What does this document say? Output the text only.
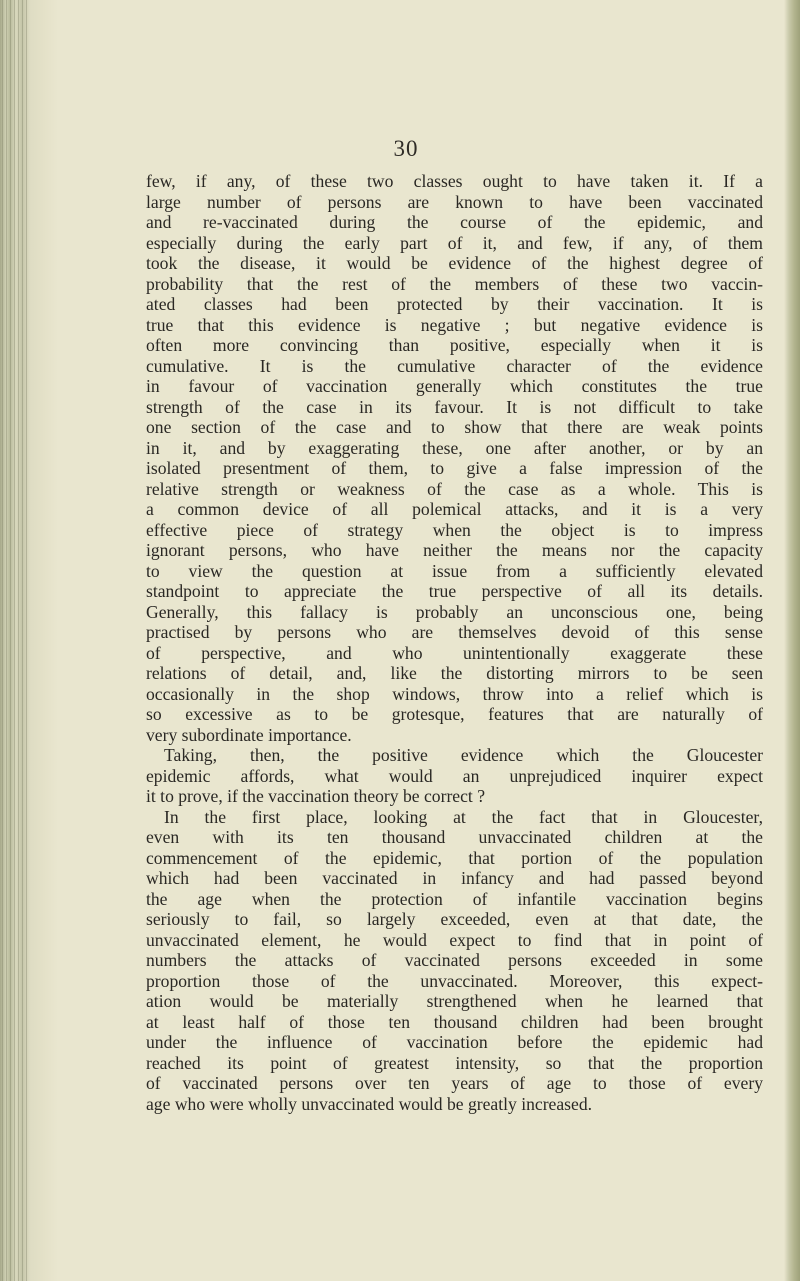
30
few, if any, of these two classes ought to have taken it. If a
large number of persons are known to have been vaccinated
and re-vaccinated during the course of the epidemic, and
especially during the early part of it, and few, if any, of them
took the disease, it would be evidence of the highest degree of
probability that the rest of the members of these two vaccin-
ated classes had been protected by their vaccination. It is
true that this evidence is negative ; but negative evidence is
often more convincing than positive, especially when it is
cumulative. It is the cumulative character of the evidence
in favour of vaccination generally which constitutes the true
strength of the case in its favour. It is not difficult to take
one section of the case and to show that there are weak points
in it, and by exaggerating these, one after another, or by an
isolated presentment of them, to give a false impression of the
relative strength or weakness of the case as a whole. This is
a common device of all polemical attacks, and it is a very
effective piece of strategy when the object is to impress
ignorant persons, who have neither the means nor the capacity
to view the question at issue from a sufficiently elevated
standpoint to appreciate the true perspective of all its details.
Generally, this fallacy is probably an unconscious one, being
practised by persons who are themselves devoid of this sense
of perspective, and who unintentionally exaggerate these
relations of detail, and, like the distorting mirrors to be seen
occasionally in the shop windows, throw into a relief which is
so excessive as to be grotesque, features that are naturally of
very subordinate importance.
Taking, then, the positive evidence which the Gloucester
epidemic affords, what would an unprejudiced inquirer expect
it to prove, if the vaccination theory be correct ?
In the first place, looking at the fact that in Gloucester,
even with its ten thousand unvaccinated children at the
commencement of the epidemic, that portion of the population
which had been vaccinated in infancy and had passed beyond
the age when the protection of infantile vaccination begins
seriously to fail, so largely exceeded, even at that date, the
unvaccinated element, he would expect to find that in point of
numbers the attacks of vaccinated persons exceeded in some
proportion those of the unvaccinated. Moreover, this expect-
ation would be materially strengthened when he learned that
at least half of those ten thousand children had been brought
under the influence of vaccination before the epidemic had
reached its point of greatest intensity, so that the proportion
of vaccinated persons over ten years of age to those of every
age who were wholly unvaccinated would be greatly increased.
